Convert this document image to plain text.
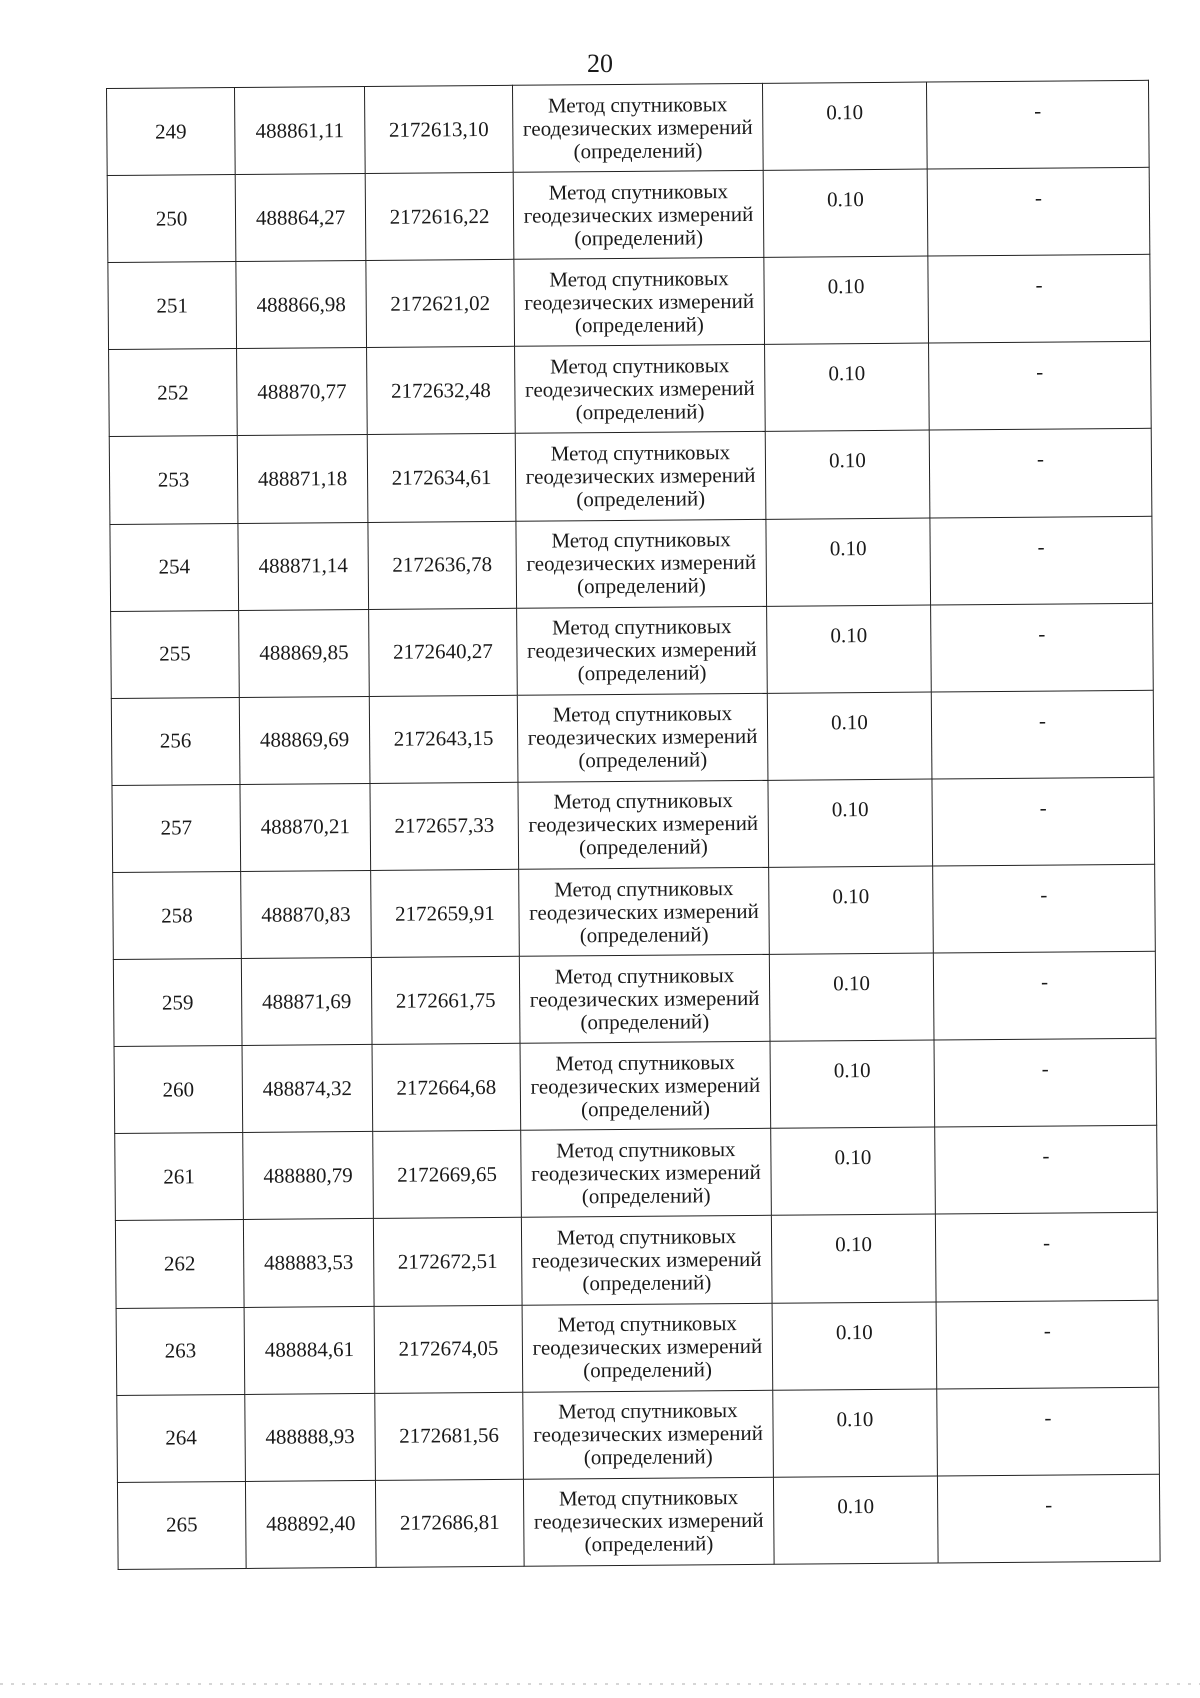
20
249	488861,11	2172613,10	Метод спутниковых
геодезических измерений
(определений)	0.10	-
250	488864,27	2172616,22	Метод спутниковых
геодезических измерений
(определений)	0.10	-
251	488866,98	2172621,02	Метод спутниковых
геодезических измерений
(определений)	0.10	-
252	488870,77	2172632,48	Метод спутниковых
геодезических измерений
(определений)	0.10	-
253	488871,18	2172634,61	Метод спутниковых
геодезических измерений
(определений)	0.10	-
254	488871,14	2172636,78	Метод спутниковых
геодезических измерений
(определений)	0.10	-
255	488869,85	2172640,27	Метод спутниковых
геодезических измерений
(определений)	0.10	-
256	488869,69	2172643,15	Метод спутниковых
геодезических измерений
(определений)	0.10	-
257	488870,21	2172657,33	Метод спутниковых
геодезических измерений
(определений)	0.10	-
258	488870,83	2172659,91	Метод спутниковых
геодезических измерений
(определений)	0.10	-
259	488871,69	2172661,75	Метод спутниковых
геодезических измерений
(определений)	0.10	-
260	488874,32	2172664,68	Метод спутниковых
геодезических измерений
(определений)	0.10	-
261	488880,79	2172669,65	Метод спутниковых
геодезических измерений
(определений)	0.10	-
262	488883,53	2172672,51	Метод спутниковых
геодезических измерений
(определений)	0.10	-
263	488884,61	2172674,05	Метод спутниковых
геодезических измерений
(определений)	0.10	-
264	488888,93	2172681,56	Метод спутниковых
геодезических измерений
(определений)	0.10	-
265	488892,40	2172686,81	Метод спутниковых
геодезических измерений
(определений)	0.10	-
